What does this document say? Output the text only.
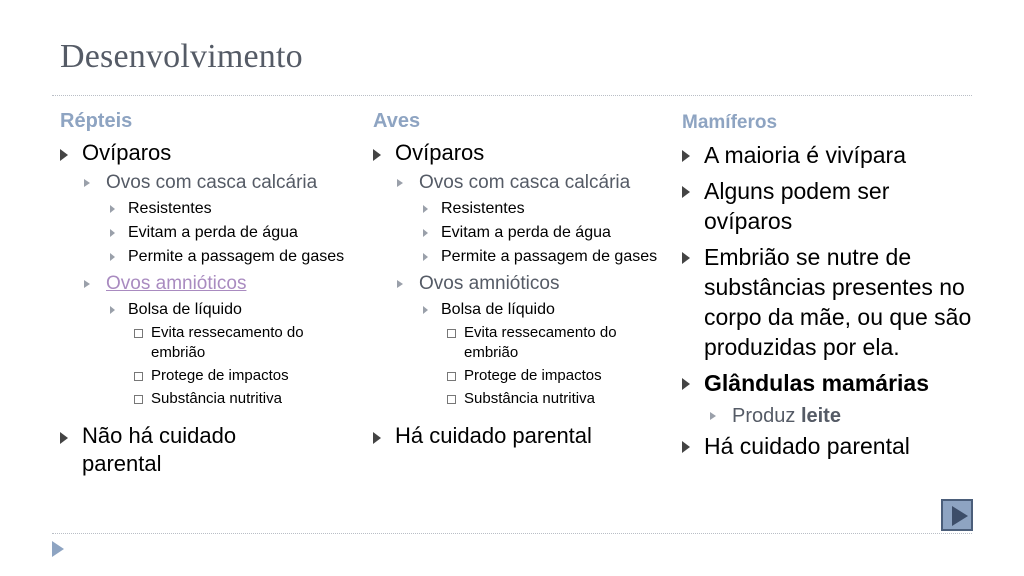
Desenvolvimento
Répteis
Ovíparos
Ovos com casca calcária
Resistentes
Evitam a perda de água
Permite a passagem de gases
Ovos amnióticos
Bolsa de líquido
Evita ressecamento do embrião
Protege de impactos
Substância nutritiva
Não há cuidado parental
Aves
Ovíparos
Ovos com casca calcária
Resistentes
Evitam a perda de água
Permite a passagem de gases
Ovos amnióticos
Bolsa de líquido
Evita ressecamento do embrião
Protege de impactos
Substância nutritiva
Há cuidado parental
Mamíferos
A maioria é vivípara
Alguns podem ser ovíparos
Embrião se nutre de substâncias presentes no corpo da mãe, ou que são produzidas por ela.
Glândulas mamárias
Produz leite
Há cuidado parental
